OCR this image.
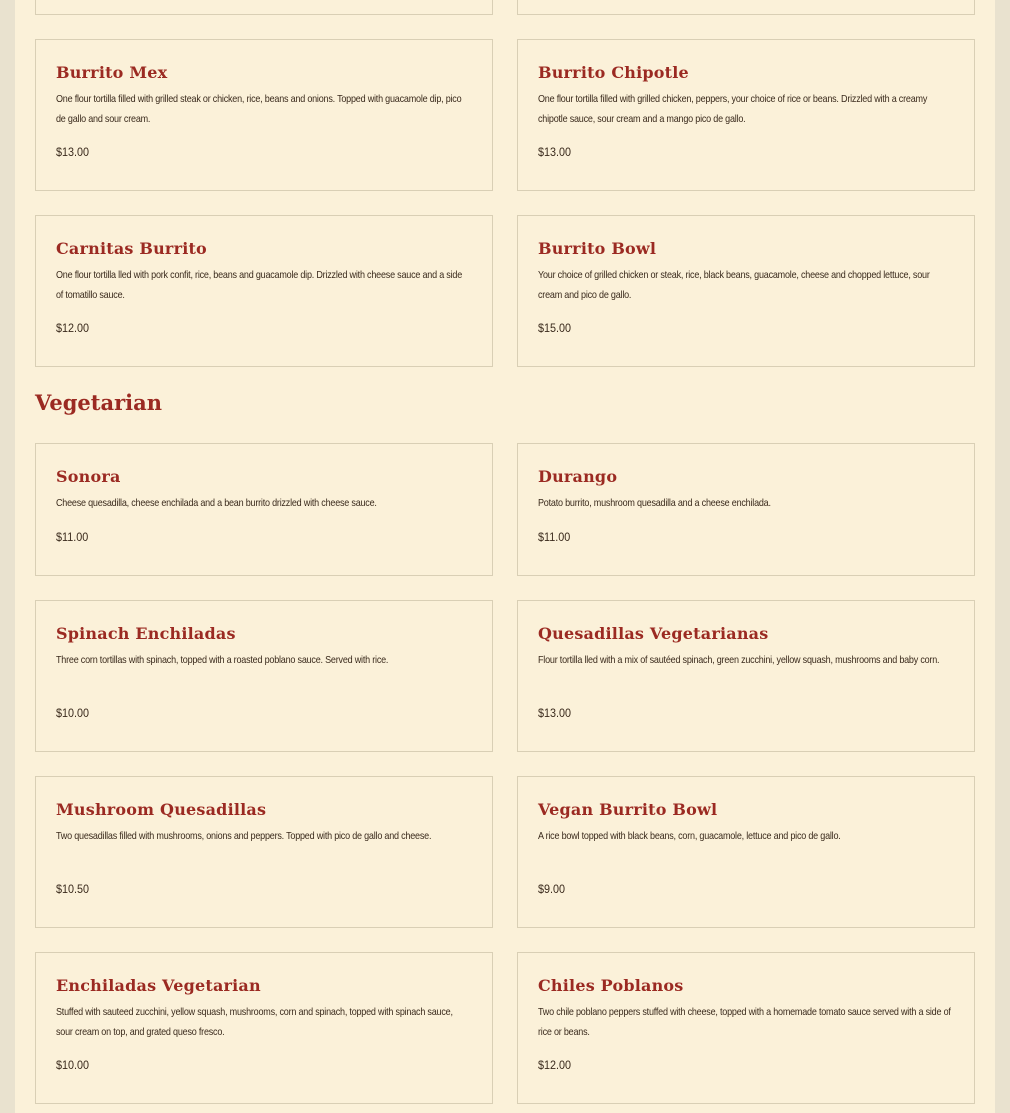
Burrito Mex

One flour tortilla filled with grilled steak or chicken, rice, beans and onions. Topped with guacamole dip, pico de gallo and sour cream.

$13.00
Burrito Chipotle

One flour tortilla filled with grilled chicken, peppers, your choice of rice or beans. Drizzled with a creamy chipotle sauce, sour cream and a mango pico de gallo.

$13.00
Carnitas Burrito

One flour tortilla lled with pork confit, rice, beans and guacamole dip. Drizzled with cheese sauce and a side of tomatillo sauce.

$12.00
Burrito Bowl

Your choice of grilled chicken or steak, rice, black beans, guacamole, cheese and chopped lettuce, sour cream and pico de gallo.

$15.00
Vegetarian
Sonora

Cheese quesadilla, cheese enchilada and a bean burrito drizzled with cheese sauce.

$11.00
Durango

Potato burrito, mushroom quesadilla and a cheese enchilada.

$11.00
Spinach Enchiladas

Three corn tortillas with spinach, topped with a roasted poblano sauce. Served with rice.

$10.00
Quesadillas Vegetarianas

Flour tortilla lled with a mix of sautéed spinach, green zucchini, yellow squash, mushrooms and baby corn.

$13.00
Mushroom Quesadillas

Two quesadillas filled with mushrooms, onions and peppers. Topped with pico de gallo and cheese.

$10.50
Vegan Burrito Bowl

A rice bowl topped with black beans, corn, guacamole, lettuce and pico de gallo.

$9.00
Enchiladas Vegetarian

Stuffed with sauteed zucchini, yellow squash, mushrooms, corn and spinach, topped with spinach sauce, sour cream on top, and grated queso fresco.

$10.00
Chiles Poblanos

Two chile poblano peppers stuffed with cheese, topped with a homemade tomato sauce served with a side of rice or beans.

$12.00
